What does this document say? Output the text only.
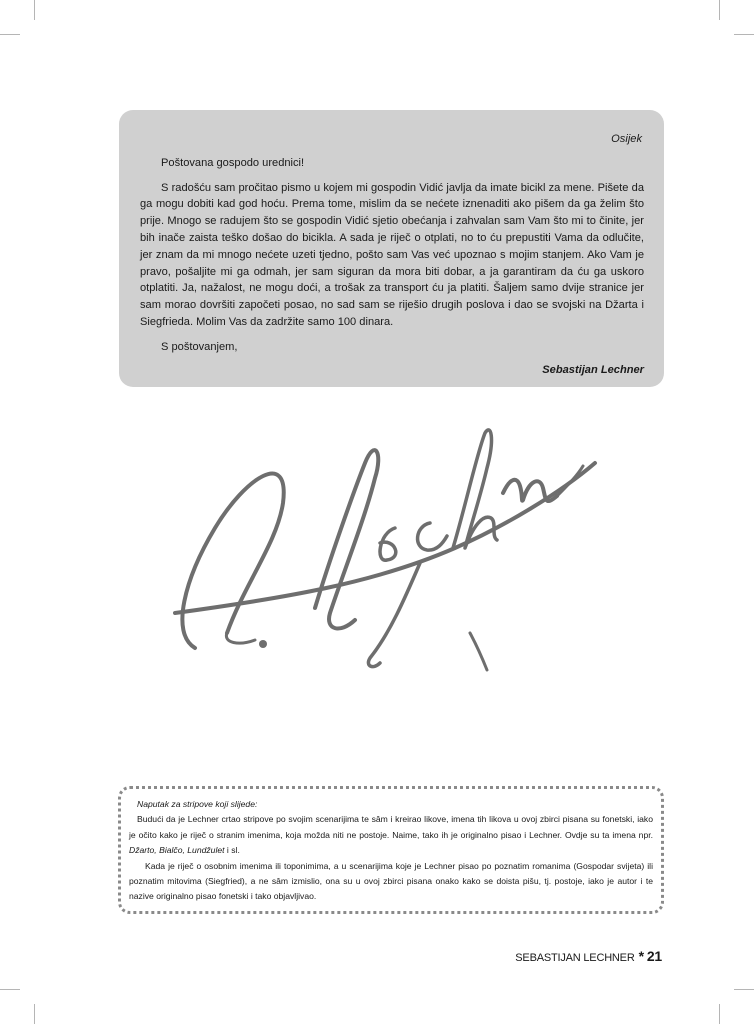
Osijek
Poštovana gospodo urednici!
S radošću sam pročitao pismo u kojem mi gospodin Vidić javlja da imate bicikl za mene. Pišete da ga mogu dobiti kad god hoću. Prema tome, mislim da se nećete iznenaditi ako pišem da ga želim što prije. Mnogo se radujem što se gospodin Vidić sjetio obećanja i zahvalan sam Vam što mi to činite, jer bih inače zaista teško došao do bicikla. A sada je riječ o otplati, no to ću prepustiti Vama da odlučite, jer znam da mi mnogo nećete uzeti tjedno, pošto sam Vas već upoznao s mojim stanjem. Ako Vam je pravo, pošaljite mi ga odmah, jer sam siguran da mora biti dobar, a ja garantiram da ću ga uskoro otplatiti. Ja, nažalost, ne mogu doći, a trošak za transport ću ja platiti. Šaljem samo dvije stranice jer sam morao dovršiti započeti posao, no sad sam se riješio drugih poslova i dao se svojski na Džarta i Siegfrieda. Molim Vas da zadržite samo 100 dinara.
S poštovanjem,
Sebastijan Lechner
Naputak za stripove koji slijede:
Budući da je Lechner crtao stripove po svojim scenarijima te sâm i kreirao likove, imena tih likova u ovoj zbirci pisana su fonetski, iako je očito kako je riječ o stranim imenima, koja možda niti ne postoje. Naime, tako ih je originalno pisao i Lechner. Ovdje su ta imena npr. Džarto, Bialčo, Lundžulet i sl.
Kada je riječ o osobnim imenima ili toponimima, a u scenarijima koje je Lechner pisao po poznatim romanima (Gospodar svijeta) ili poznatim mitovima (Siegfried), a ne sâm izmislio, ona su u ovoj zbirci pisana onako kako se doista pišu, tj. postoje, iako je autor i te nazive originalno pisao fonetski i tako objavljivao.
SEBASTIJAN LECHNER * 21
